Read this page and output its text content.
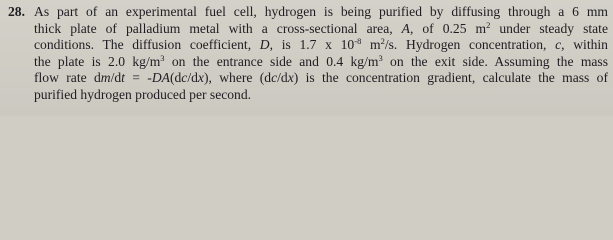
28. As part of an experimental fuel cell, hydrogen is being purified by diffusing through a 6 mm
thick plate of palladium metal with a cross-sectional area, A, of 0.25 $m^2$ under steady state
conditions. The diffusion coefficient, D, is 1.7 x $10^{-8}$ $m^2/s$. Hydrogen concentration, c, within
the plate is 2.0 $kg/m^3$ on the entrance side and 0.4 $kg/m^3$ on the exit side. Assuming the mass
flow rate dm/dt = -DA(dc/dx), where (dc/dx) is the concentration gradient, calculate the mass of
purified hydrogen produced per second.
